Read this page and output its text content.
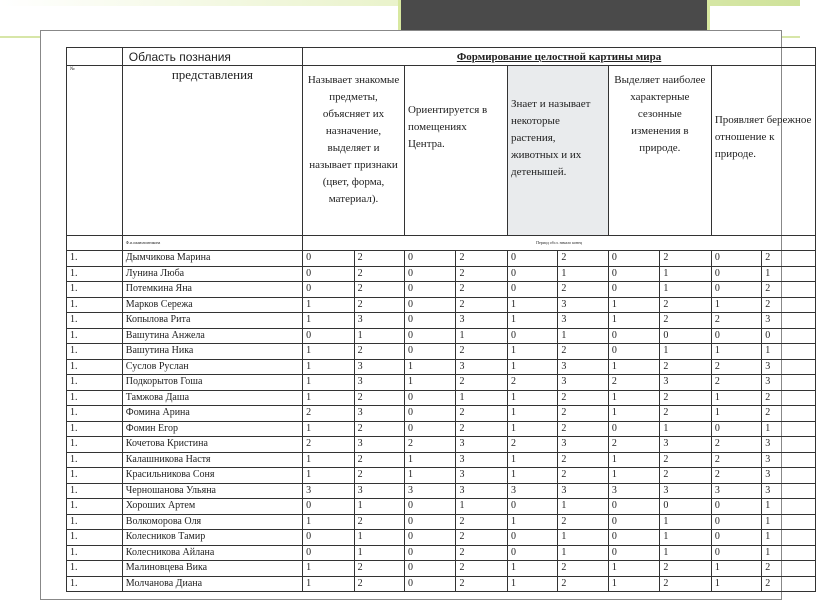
	Область познания	Формирование целостной картины мира									
№	представления	Называет знакомые предметы, объясняет их назначение, выделяет и называет признаки (цвет, форма, материал).		Ориентируется в помещениях Центра.		Знает и называет некоторые растения, животных и их детенышей.		Выделяет наиболее характерные сезонные изменения в природе.		Проявляет бережное отношение к природе.	
	Ф.и.ожаюлиитикона	Период обсл. начало конец									
1.	Дымчикова Марина	0	2	0	2	0	2	0	2	0	2
1.	Лунина Люба	0	2	0	2	0	1	0	1	0	1
1.	Потемкина Яна	0	2	0	2	0	2	0	1	0	2
1.	Марков Сережа	1	2	0	2	1	3	1	2	1	2
1.	Копылова Рита	1	3	0	3	1	3	1	2	2	3
1.	Вашутина Анжела	0	1	0	1	0	1	0	0	0	0
1.	Вашутина Ника	1	2	0	2	1	2	0	1	1	1
1.	Суслов Руслан	1	3	1	3	1	3	1	2	2	3
1.	Подкорытов Гоша	1	3	1	2	2	3	2	3	2	3
1.	Тамжова Даша	1	2	0	1	1	2	1	2	1	2
1.	Фомина Арина	2	3	0	2	1	2	1	2	1	2
1.	Фомин Егор	1	2	0	2	1	2	0	1	0	1
1.	Кочетова Кристина	2	3	2	3	2	3	2	3	2	3
1.	Калашникова Настя	1	2	1	3	1	2	1	2	2	3
1.	Красильникова Соня	1	2	1	3	1	2	1	2	2	3
1.	Черношанова Ульяна	3	3	3	3	3	3	3	3	3	3
1.	Хороших Артем	0	1	0	1	0	1	0	0	0	1
1.	Волкоморова Оля	1	2	0	2	1	2	0	1	0	1
1.	Колесников Тамир	0	1	0	2	0	1	0	1	0	1
1.	Колесникова Айлана	0	1	0	2	0	1	0	1	0	1
1.	Малиновцева Вика	1	2	0	2	1	2	1	2	1	2
1.	Молчанова Диана	1	2	0	2	1	2	1	2	1	2
